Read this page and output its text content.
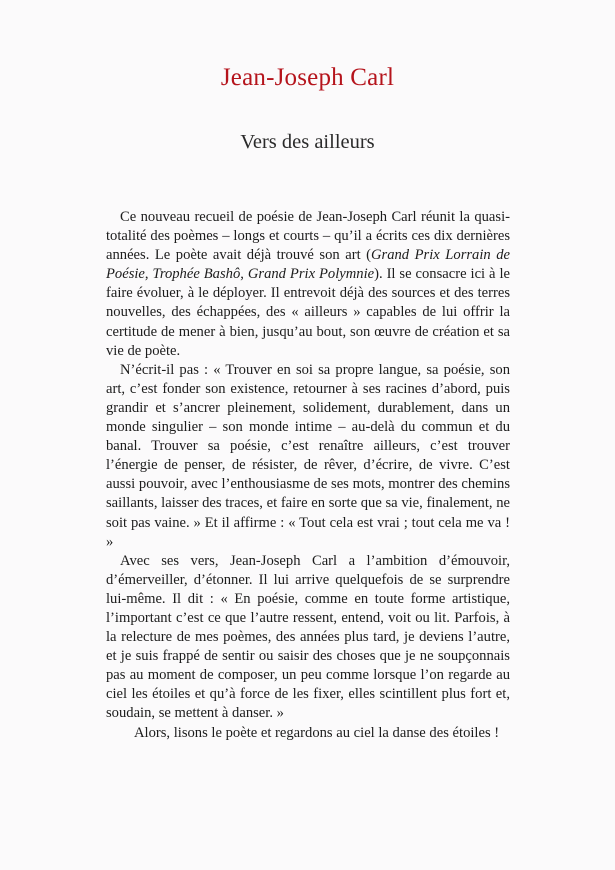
Jean-Joseph Carl
Vers des ailleurs

Ce nouveau recueil de poésie de Jean-Joseph Carl réunit la quasi-totalité des poèmes – longs et courts – qu’il a écrits ces dix dernières années. Le poète avait déjà trouvé son art (Grand Prix Lorrain de Poésie, Trophée Bashô, Grand Prix Polymnie). Il se consacre ici à le faire évoluer, à le déployer. Il entrevoit déjà des sources et des terres nouvelles, des échappées, des « ailleurs » capables de lui offrir la certitude de mener à bien, jusqu’au bout, son œuvre de création et sa vie de poète.

N’écrit-il pas : « Trouver en soi sa propre langue, sa poésie, son art, c’est fonder son existence, retourner à ses racines d’abord, puis grandir et s’ancrer pleinement, solidement, durablement, dans un monde singulier – son monde intime – au-delà du commun et du banal. Trouver sa poésie, c’est renaître ailleurs, c’est trouver l’énergie de penser, de résister, de rêver, d’écrire, de vivre. C’est aussi pouvoir, avec l’enthousiasme de ses mots, montrer des chemins saillants, laisser des traces, et faire en sorte que sa vie, finalement, ne soit pas vaine. » Et il affirme : « Tout cela est vrai ; tout cela me va ! »

Avec ses vers, Jean-Joseph Carl a l’ambition d’émouvoir, d’émerveiller, d’étonner. Il lui arrive quelquefois de se surprendre lui-même. Il dit : « En poésie, comme en toute forme artistique, l’important c’est ce que l’autre ressent, entend, voit ou lit. Parfois, à la relecture de mes poèmes, des années plus tard, je deviens l’autre, et je suis frappé de sentir ou saisir des choses que je ne soupçonnais pas au moment de composer, un peu comme lorsque l’on regarde au ciel les étoiles et qu’à force de les fixer, elles scintillent plus fort et, soudain, se mettent à danser. »

Alors, lisons le poète et regardons au ciel la danse des étoiles !
